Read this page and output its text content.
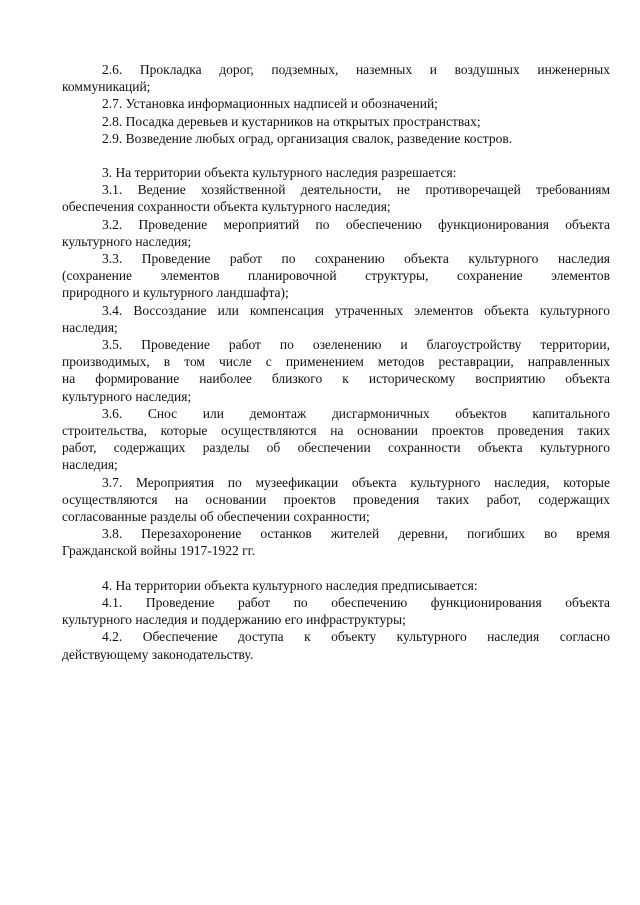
2.6. Прокладка дорог, подземных, наземных и воздушных инженерных
коммуникаций;
2.7. Установка информационных надписей и обозначений;
2.8. Посадка деревьев и кустарников на открытых пространствах;
2.9. Возведение любых оград, организация свалок, разведение костров.
3. На территории объекта культурного наследия разрешается:
3.1. Ведение хозяйственной деятельности, не противоречащей требованиям
обеспечения сохранности объекта культурного наследия;
3.2. Проведение мероприятий по обеспечению функционирования объекта
культурного наследия;
3.3. Проведение работ по сохранению объекта культурного наследия
(сохранение элементов планировочной структуры, сохранение элементов
природного и культурного ландшафта);
3.4. Воссоздание или компенсация утраченных элементов объекта культурного
наследия;
3.5. Проведение работ по озеленению и благоустройству территории,
производимых, в том числе с применением методов реставрации, направленных
на формирование наиболее близкого к историческому восприятию объекта
культурного наследия;
3.6. Снос или демонтаж дисгармоничных объектов капитального
строительства, которые осуществляются на основании проектов проведения таких
работ, содержащих разделы об обеспечении сохранности объекта культурного
наследия;
3.7. Мероприятия по музеефикации объекта культурного наследия, которые
осуществляются на основании проектов проведения таких работ, содержащих
согласованные разделы об обеспечении сохранности;
3.8. Перезахоронение останков жителей деревни, погибших во время
Гражданской войны 1917-1922 гг.
4. На территории объекта культурного наследия предписывается:
4.1. Проведение работ по обеспечению функционирования объекта
культурного наследия и поддержанию его инфраструктуры;
4.2. Обеспечение доступа к объекту культурного наследия согласно
действующему законодательству.
